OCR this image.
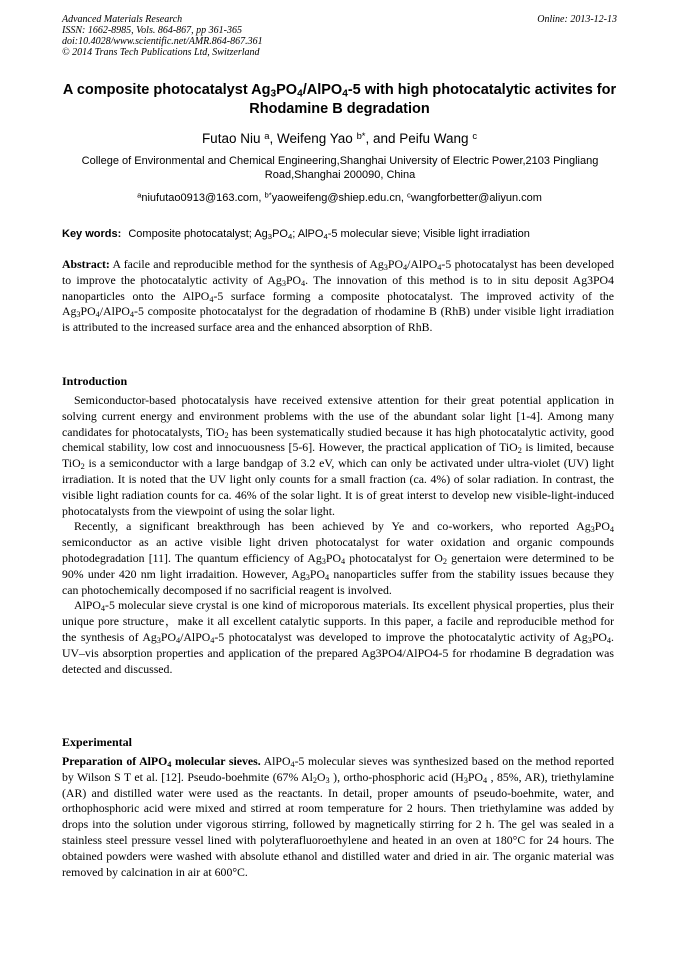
Advanced Materials Research
ISSN: 1662-8985, Vols. 864-867, pp 361-365
doi:10.4028/www.scientific.net/AMR.864-867.361
© 2014 Trans Tech Publications Ltd, Switzerland
Online: 2013-12-13
A composite photocatalyst $Ag_3PO_4/AlPO_4-5$ with high photocatalytic activites for Rhodamine B degradation
Futao Niu $^a$, Weifeng Yao $^{b*}$, and Peifu Wang $^c$
College of Environmental and Chemical Engineering,Shanghai University of Electric Power,2103 Pingliang Road,Shanghai 200090, China
$^a$niufutao0913@163.com, $^{b*}$yaoweifeng@shiep.edu.cn, $^c$wangforbetter@aliyun.com
Key words: Composite photocatalyst; $Ag_3PO_4$; AlPO$_4$-5 molecular sieve; Visible light irradiation

Abstract: A facile and reproducible method for the synthesis of $Ag_3PO_4/AlPO_4-5$ photocatalyst has been developed to improve the photocatalytic activity of $Ag_3PO_4$. The innovation of this method is to in situ deposit Ag3PO4 nanoparticles onto the AlPO$_4$-5 surface forming a composite photocatalyst. The improved activity of the $Ag_3PO_4/AlPO_4-5$ composite photocatalyst for the degradation of rhodamine B (RhB) under visible light irradiation is attributed to the increased surface area and the enhanced absorption of RhB.

Introduction

Semiconductor-based photocatalysis have received extensive attention for their great potential application in solving current energy and environment problems with the use of the abundant solar light [1-4]. Among many candidates for photocatalysts, TiO$_2$ has been systematically studied because it has high photocatalytic activity, good chemical stability, low cost and innocuousness [5-6]. However, the practical application of TiO$_2$ is limited, because TiO$_2$ is a semiconductor with a large bandgap of 3.2 eV, which can only be activated under ultra-violet (UV) light irradiation. It is noted that the UV light only counts for a small fraction (ca. 4%) of solar radiation. In contrast, the visible light radiation counts for ca. 46% of the solar light. It is of great interst to develop new visible-light-induced photocatalysts from the viewpoint of using the solar light.

Recently, a significant breakthrough has been achieved by Ye and co-workers, who reported $Ag_3PO_4$ semiconductor as an active visible light driven photocatalyst for water oxidation and organic compounds photodegradation [11]. The quantum efficiency of $Ag_3PO_4$ photocatalyst for $O_2$ genertaion were determined to be 90% under 420 nm light irradaition. However, $Ag_3PO_4$ nanoparticles suffer from the stability issues because they can photochemically decomposed if no sacrificial reagent is involved.

AlPO$_4$-5 molecular sieve crystal is one kind of microporous materials. Its excellent physical properties, plus their unique pore structure，make it all excellent catalytic supports. In this paper, a facile and reproducible method for the synthesis of $Ag_3PO_4/AlPO_4-5$ photocatalyst was developed to improve the photocatalytic activity of $Ag_3PO_4$. UV–vis absorption properties and application of the prepared Ag3PO4/AlPO4-5 for rhodamine B degradation was detected and discussed.

Experimental

Preparation of AlPO$_4$ molecular sieves. AlPO$_4$-5 molecular sieves was synthesized based on the method reported by Wilson S T et al. [12]. Pseudo-boehmite (67% $Al_2O_3$ ), ortho-phosphoric acid ($H_3PO_4$ , 85%, AR), triethylamine (AR) and distilled water were used as the reactants. In detail, proper amounts of pseudo-boehmite, water, and orthophosphoric acid were mixed and stirred at room temperature for 2 hours. Then triethylamine was added by drops into the solution under vigorous stirring, followed by magnetically stirring for 2 h. The gel was sealed in a stainless steel pressure vessel lined with polyterafluoroethylene and heated in an oven at 180°C for 24 hours. The obtained powders were washed with absolute ethanol and distilled water and dried in air. The organic material was removed by calcination in air at 600°C.
